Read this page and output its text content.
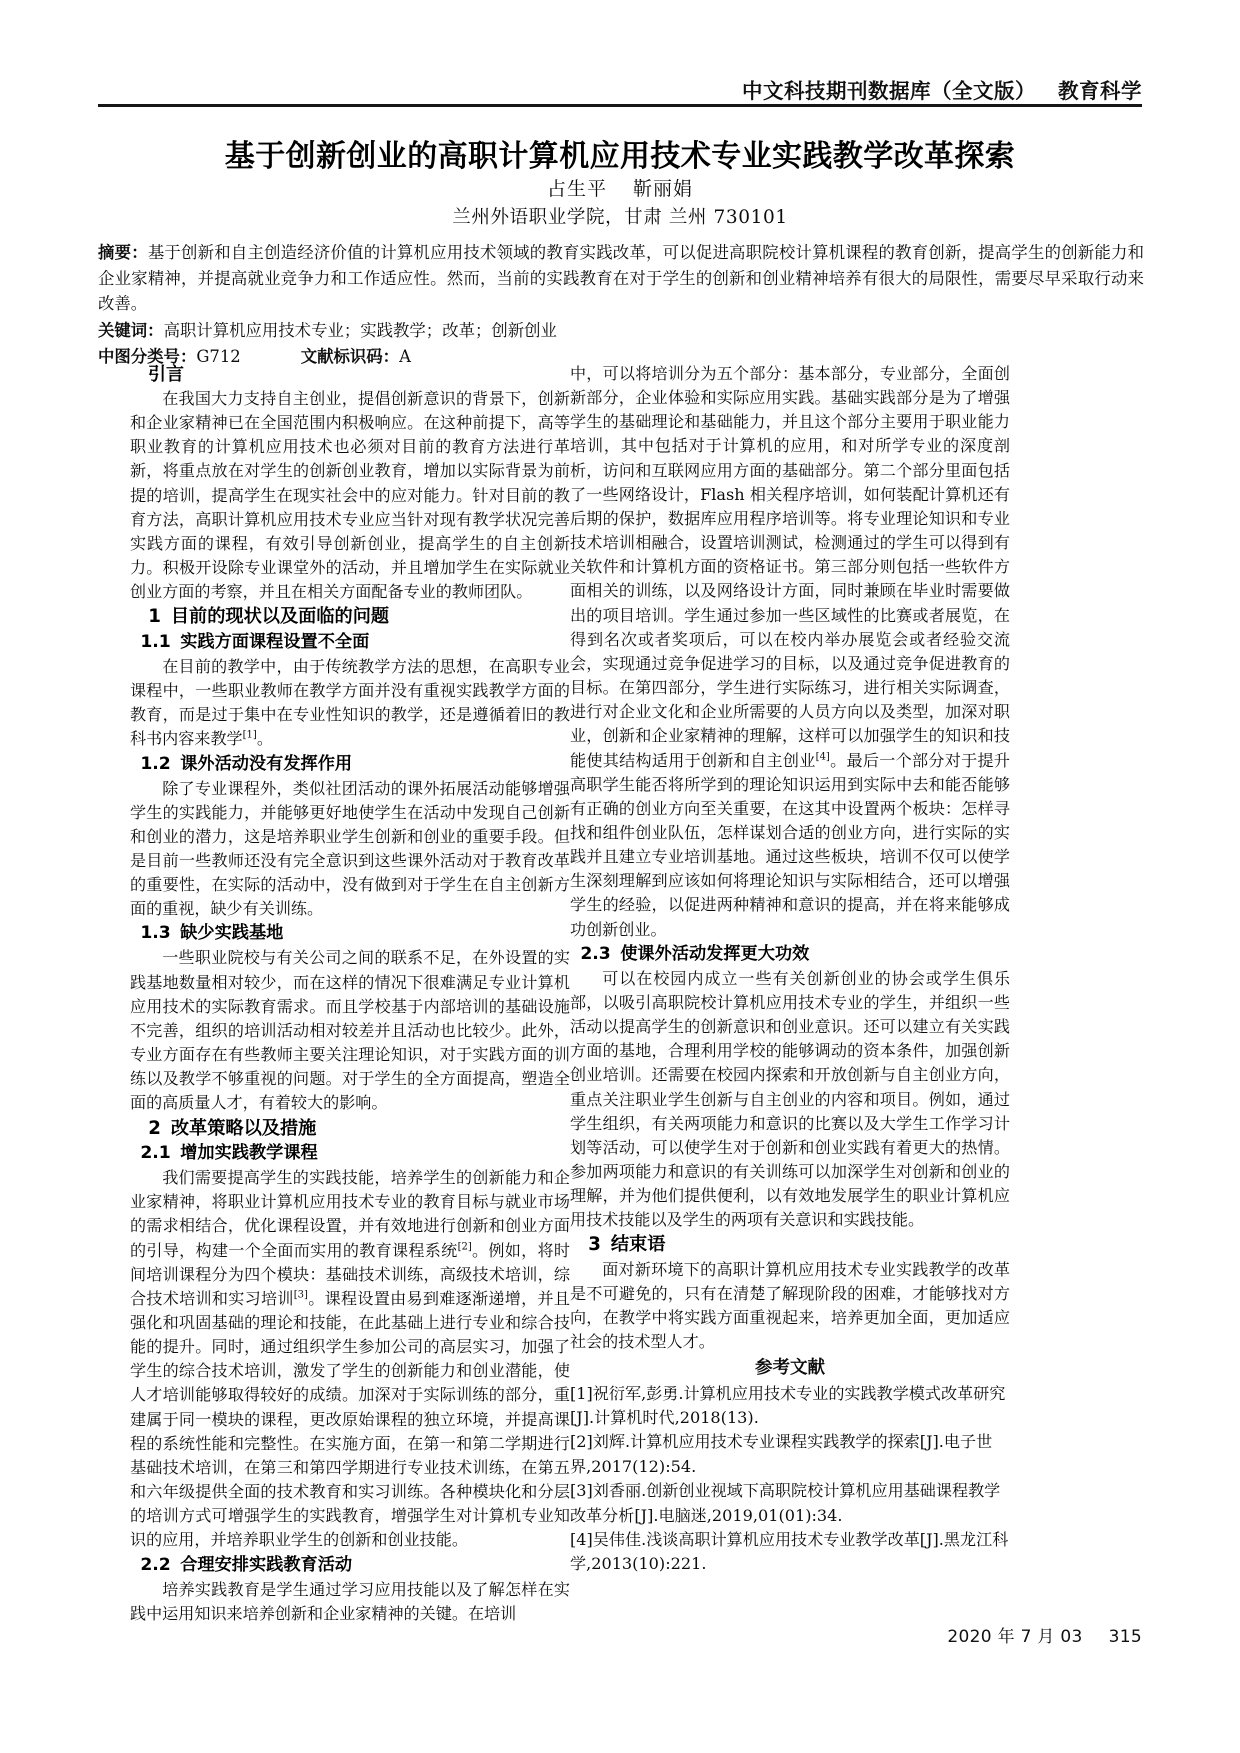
中文科技期刊数据库（全文版） 教育科学
基于创新创业的高职计算机应用技术专业实践教学改革探索
占生平 靳丽娟
兰州外语职业学院，甘肃 兰州 730101
摘要：基于创新和自主创造经济价值的计算机应用技术领域的教育实践改革，可以促进高职院校计算机课程的教育创新，提高学生的创新能力和企业家精神，并提高就业竞争力和工作适应性。然而，当前的实践教育在对于学生的创新和创业精神培养有很大的局限性，需要尽早采取行动来改善。
关键词：高职计算机应用技术专业；实践教学；改革；创新创业
中图分类号：G712	文献标识码：A
引言

在我国大力支持自主创业，提倡创新意识的背景下，创新和企业家精神已在全国范围内积极响应。在这种前提下，高等职业教育的计算机应用技术也必须对目前的教育方法进行革新，将重点放在对学生的创新创业教育，增加以实际背景为前提的培训，提高学生在现实社会中的应对能力。针对目前的教育方法，高职计算机应用技术专业应当针对现有教学状况完善实践方面的课程，有效引导创新创业，提高学生的自主创新力。积极开设除专业课堂外的活动，并且增加学生在实际就业创业方面的考察，并且在相关方面配备专业的教师团队。

1 目前的现状以及面临的问题
1.1 实践方面课程设置不全面

在目前的教学中，由于传统教学方法的思想，在高职专业课程中，一些职业教师在教学方面并没有重视实践教学方面的教育，而是过于集中在专业性知识的教学，还是遵循着旧的教科书内容来教学[1]。

1.2 课外活动没有发挥作用

除了专业课程外，类似社团活动的课外拓展活动能够增强学生的实践能力，并能够更好地使学生在活动中发现自己创新和创业的潜力，这是培养职业学生创新和创业的重要手段。但是目前一些教师还没有完全意识到这些课外活动对于教育改革的重要性，在实际的活动中，没有做到对于学生在自主创新方面的重视，缺少有关训练。

1.3 缺少实践基地

一些职业院校与有关公司之间的联系不足，在外设置的实践基地数量相对较少，而在这样的情况下很难满足专业计算机应用技术的实际教育需求。而且学校基于内部培训的基础设施不完善，组织的培训活动相对较差并且活动也比较少。此外，专业方面存在有些教师主要关注理论知识，对于实践方面的训练以及教学不够重视的问题。对于学生的全方面提高，塑造全面的高质量人才，有着较大的影响。

2 改革策略以及措施
2.1 增加实践教学课程

我们需要提高学生的实践技能，培养学生的创新能力和企业家精神，将职业计算机应用技术专业的教育目标与就业市场的需求相结合，优化课程设置，并有效地进行创新和创业方面的引导，构建一个全面而实用的教育课程系统[2]。例如，将时间培训课程分为四个模块：基础技术训练，高级技术培训，综合技术培训和实习培训[3]。课程设置由易到难逐渐递增，并且强化和巩固基础的理论和技能，在此基础上进行专业和综合技能的提升。同时，通过组织学生参加公司的高层实习，加强了学生的综合技术培训，激发了学生的创新能力和创业潜能，使人才培训能够取得较好的成绩。加深对于实际训练的部分，重建属于同一模块的课程，更改原始课程的独立环境，并提高课程的系统性能和完整性。在实施方面，在第一和第二学期进行基础技术培训，在第三和第四学期进行专业技术训练，在第五和六年级提供全面的技术教育和实习训练。各种模块化和分层的培训方式可增强学生的实践教育，增强学生对计算机专业知识的应用，并培养职业学生的创新和创业技能。

2.2 合理安排实践教育活动

培养实践教育是学生通过学习应用技能以及了解怎样在实践中运用知识来培养创新和企业家精神的关键。在培训

中，可以将培训分为五个部分：基本部分，专业部分，全面创新部分，企业体验和实际应用实践。基础实践部分是为了增强学生的基础理论和基础能力，并且这个部分主要用于职业能力培训，其中包括对于计算机的应用，和对所学专业的深度剖析，访问和互联网应用方面的基础部分。第二个部分里面包括了一些网络设计，Flash 相关程序培训，如何装配计算机还有后期的保护，数据库应用程序培训等。将专业理论知识和专业技术培训相融合，设置培训测试，检测通过的学生可以得到有关软件和计算机方面的资格证书。第三部分则包括一些软件方面相关的训练，以及网络设计方面，同时兼顾在毕业时需要做出的项目培训。学生通过参加一些区域性的比赛或者展览，在得到名次或者奖项后，可以在校内举办展览会或者经验交流会，实现通过竞争促进学习的目标，以及通过竞争促进教育的目标。在第四部分，学生进行实际练习，进行相关实际调查，进行对企业文化和企业所需要的人员方向以及类型，加深对职业，创新和企业家精神的理解，这样可以加强学生的知识和技能使其结构适用于创新和自主创业[4]。最后一个部分对于提升高职学生能否将所学到的理论知识运用到实际中去和能否能够有正确的创业方向至关重要，在这其中设置两个板块：怎样寻找和组件创业队伍，怎样谋划合适的创业方向，进行实际的实践并且建立专业培训基地。通过这些板块，培训不仅可以使学生深刻理解到应该如何将理论知识与实际相结合，还可以增强学生的经验，以促进两种精神和意识的提高，并在将来能够成功创新创业。

2.3 使课外活动发挥更大功效

可以在校园内成立一些有关创新创业的协会或学生俱乐部，以吸引高职院校计算机应用技术专业的学生，并组织一些活动以提高学生的创新意识和创业意识。还可以建立有关实践方面的基地，合理利用学校的能够调动的资本条件，加强创新创业培训。还需要在校园内探索和开放创新与自主创业方向，重点关注职业学生创新与自主创业的内容和项目。例如，通过学生组织，有关两项能力和意识的比赛以及大学生工作学习计划等活动，可以使学生对于创新和创业实践有着更大的热情。参加两项能力和意识的有关训练可以加深学生对创新和创业的理解，并为他们提供便利，以有效地发展学生的职业计算机应用技术技能以及学生的两项有关意识和实践技能。

3 结束语

面对新环境下的高职计算机应用技术专业实践教学的改革是不可避免的，只有在清楚了解现阶段的困难，才能够找对方向，在教学中将实践方面重视起来，培养更加全面，更加适应社会的技术型人才。

参考文献

[1]祝衍军,彭勇.计算机应用技术专业的实践教学模式改革研究[J].计算机时代,2018(13).

[2]刘辉.计算机应用技术专业课程实践教学的探索[J].电子世界,2017(12):54.

[3]刘香丽.创新创业视域下高职院校计算机应用基础课程教学改革分析[J].电脑迷,2019,01(01):34.

[4]吴伟佳.浅谈高职计算机应用技术专业教学改革[J].黑龙江科学,2013(10):221.

2020 年 7 月 03 315
